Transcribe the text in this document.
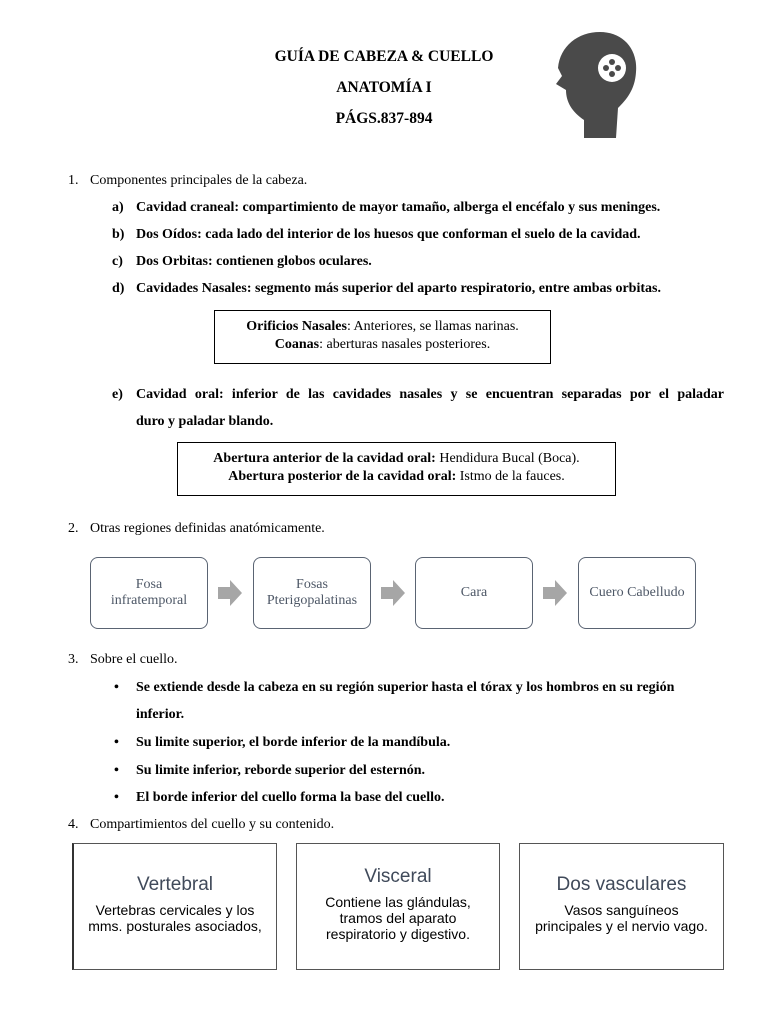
GUÍA DE CABEZA & CUELLO
ANATOMÍA I
PÁGS.837-894
1. Componentes principales de la cabeza.
a) Cavidad craneal: compartimiento de mayor tamaño, alberga el encéfalo y sus meninges.
b) Dos Oídos: cada lado del interior de los huesos que conforman el suelo de la cavidad.
c) Dos Orbitas: contienen globos oculares.
d) Cavidades Nasales: segmento más superior del aparto respiratorio, entre ambas orbitas.
Orificios Nasales: Anteriores, se llamas narinas.
Coanas: aberturas nasales posteriores.
e) Cavidad oral: inferior de las cavidades nasales y se encuentran separadas por el paladar
duro y paladar blando.
Abertura anterior de la cavidad oral: Hendidura Bucal (Boca).
Abertura posterior de la cavidad oral: Istmo de la fauces.
2. Otras regiones definidas anatómicamente.
Fosa
infratemporal
Fosas
Pterigopalatinas
Cara	Cuero Cabelludo
3. Sobre el cuello.
• Se extiende desde la cabeza en su región superior hasta el tórax y los hombros en su región
inferior.
• Su limite superior, el borde inferior de la mandíbula.
• Su limite inferior, reborde superior del esternón.
• El borde inferior del cuello forma la base del cuello.
4. Compartimientos del cuello y su contenido.
Vertebral
Vertebras cervicales y los
mms. posturales asociados,
Visceral
Contiene las glándulas,
tramos del aparato
respiratorio y digestivo.
Dos vasculares
Vasos sanguíneos
principales y el nervio vago.
